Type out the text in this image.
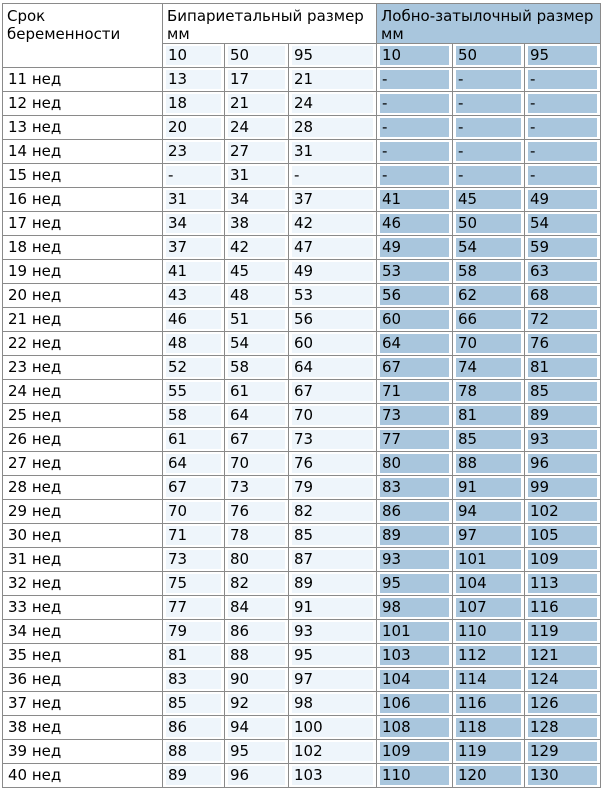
Срок беременности	Бипариетальный размер мм			Лобно-затылочный размер мм		

	10	50	95	10	50	95

11 нед	13	17	21	-	-	-

12 нед	18	21	24	-	-	-

13 нед	20	24	28	-	-	-

14 нед	23	27	31	-	-	-

15 нед	-	31	-	-	-	-

16 нед	31	34	37	41	45	49

17 нед	34	38	42	46	50	54

18 нед	37	42	47	49	54	59

19 нед	41	45	49	53	58	63

20 нед	43	48	53	56	62	68

21 нед	46	51	56	60	66	72

22 нед	48	54	60	64	70	76

23 нед	52	58	64	67	74	81

24 нед	55	61	67	71	78	85

25 нед	58	64	70	73	81	89

26 нед	61	67	73	77	85	93

27 нед	64	70	76	80	88	96

28 нед	67	73	79	83	91	99

29 нед	70	76	82	86	94	102

30 нед	71	78	85	89	97	105

31 нед	73	80	87	93	101	109

32 нед	75	82	89	95	104	113

33 нед	77	84	91	98	107	116

34 нед	79	86	93	101	110	119

35 нед	81	88	95	103	112	121

36 нед	83	90	97	104	114	124

37 нед	85	92	98	106	116	126

38 нед	86	94	100	108	118	128

39 нед	88	95	102	109	119	129

40 нед	89	96	103	110	120	130
